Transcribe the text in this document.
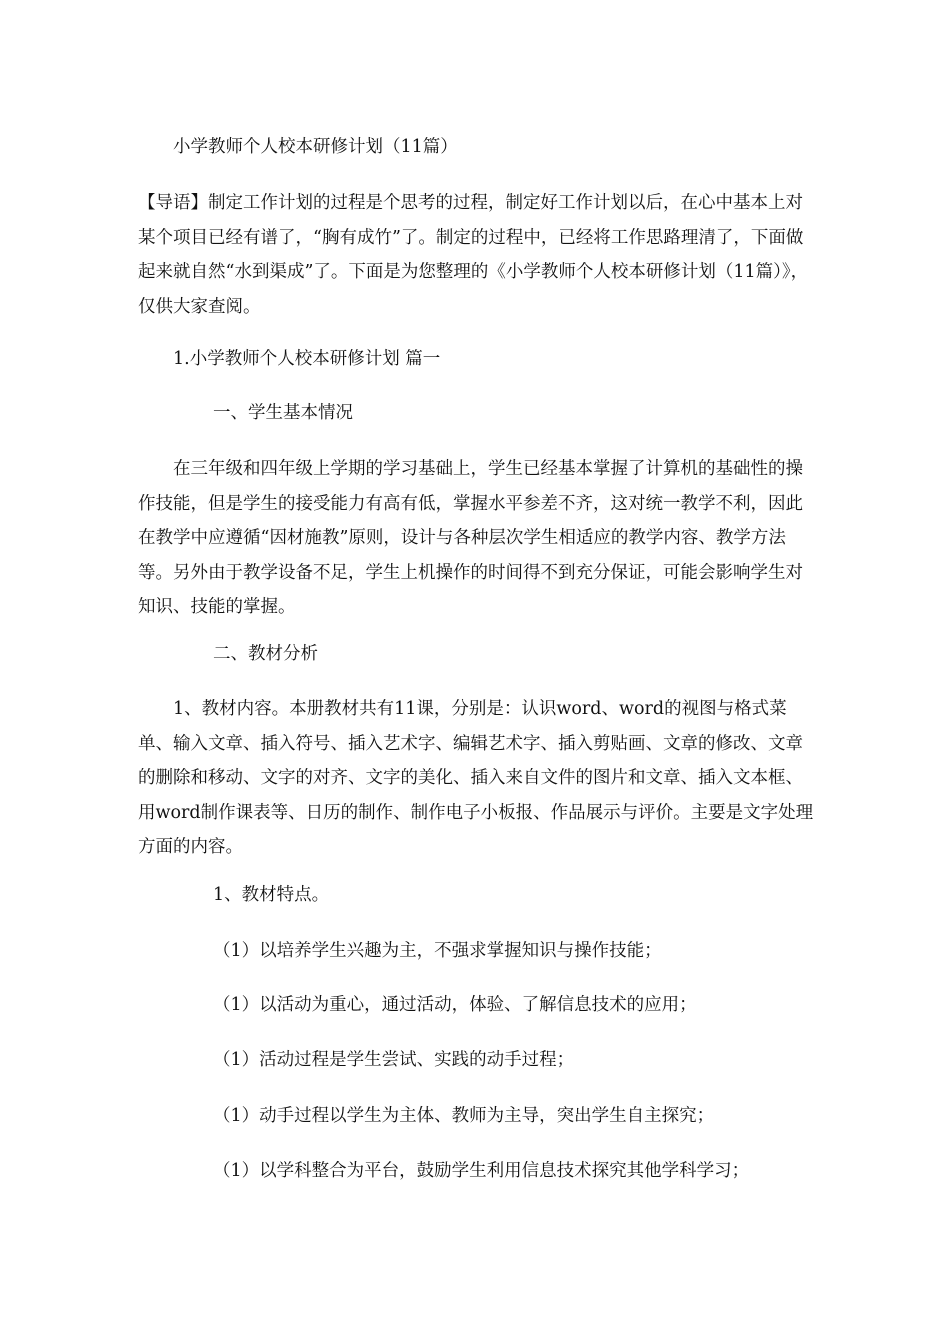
小学教师个人校本研修计划（11篇）

【导语】制定工作计划的过程是个思考的过程，制定好工作计划以后，在心中基本上对某个项目已经有谱了，“胸有成竹”了。制定的过程中，已经将工作思路理清了，下面做起来就自然“水到渠成”了。下面是为您整理的《小学教师个人校本研修计划（11篇）》，仅供大家查阅。

1.小学教师个人校本研修计划 篇一

一、学生基本情况

　　在三年级和四年级上学期的学习基础上，学生已经基本掌握了计算机的基础性的操作技能，但是学生的接受能力有高有低，掌握水平参差不齐，这对统一教学不利，因此在教学中应遵循“因材施教”原则，设计与各种层次学生相适应的教学内容、教学方法等。另外由于教学设备不足，学生上机操作的时间得不到充分保证，可能会影响学生对知识、技能的掌握。

二、教材分析

　　1、教材内容。本册教材共有11课，分别是：认识word、word的视图与格式菜单、输入文章、插入符号、插入艺术字、编辑艺术字、插入剪贴画、文章的修改、文章的删除和移动、文字的对齐、文字的美化、插入来自文件的图片和文章、插入文本框、用word制作课表等、日历的制作、制作电子小板报、作品展示与评价。主要是文字处理方面的内容。

1、教材特点。

（1）以培养学生兴趣为主，不强求掌握知识与操作技能；

（1）以活动为重心，通过活动，体验、了解信息技术的应用；

（1）活动过程是学生尝试、实践的动手过程；

（1）动手过程以学生为主体、教师为主导，突出学生自主探究；

（1）以学科整合为平台，鼓励学生利用信息技术探究其他学科学习；
